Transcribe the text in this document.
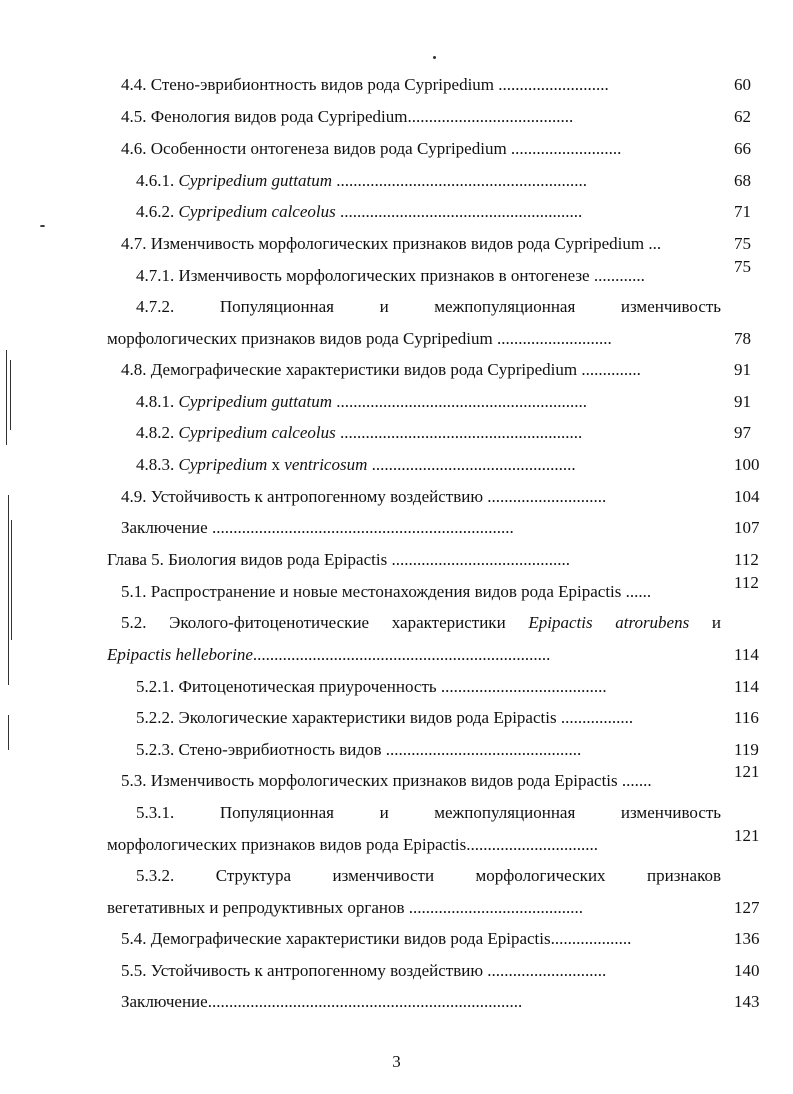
4.4. Стено-эврибионтность видов рода Cypripedium ..........................	60
4.5. Фенология видов рода Cypripedium.......................................	62
4.6. Особенности онтогенеза видов рода Cypripedium ..........................	66
4.6.1. Cypripedium guttatum ...........................................................	68
4.6.2. Cypripedium calceolus .........................................................	71
4.7. Изменчивость морфологических признаков видов рода Cypripedium ...	75
4.7.1. Изменчивость морфологических признаков в онтогенезе ............	75
4.7.2.	Популяционная	и	межпопуляционная	изменчивость
морфологических признаков видов рода Cypripedium ...........................	78
4.8. Демографические характеристики видов рода Cypripedium ..............	91
4.8.1. Cypripedium guttatum ...........................................................	91
4.8.2. Cypripedium calceolus .........................................................	97
4.8.3. Cypripedium x ventricosum ................................................	100
4.9. Устойчивость к антропогенному воздействию ............................	104
Заключение .......................................................................	107
Глава 5. Биология видов рода Epipactis ..........................................	112
5.1. Распространение и новые местонахождения видов рода Epipactis ......	112
5.2. Эколого-фитоценотические характеристики Epipactis atrorubens и
Epipactis helleborine......................................................................	114
5.2.1. Фитоценотическая приуроченность .......................................	114
5.2.2. Экологические характеристики видов рода Epipactis .................	116
5.2.3. Стено-эврибиотность видов ..............................................	119
5.3. Изменчивость морфологических признаков видов рода Epipactis .......	121
5.3.1.	Популяционная	и	межпопуляционная	изменчивость
морфологических признаков видов рода Epipactis...............................	121
5.3.2. Структура изменчивости морфологических признаков
вегетативных и репродуктивных органов .........................................	127
5.4. Демографические характеристики видов рода Epipactis...................	136
5.5. Устойчивость к антропогенному воздействию ............................	140
Заключение..........................................................................	143
3
